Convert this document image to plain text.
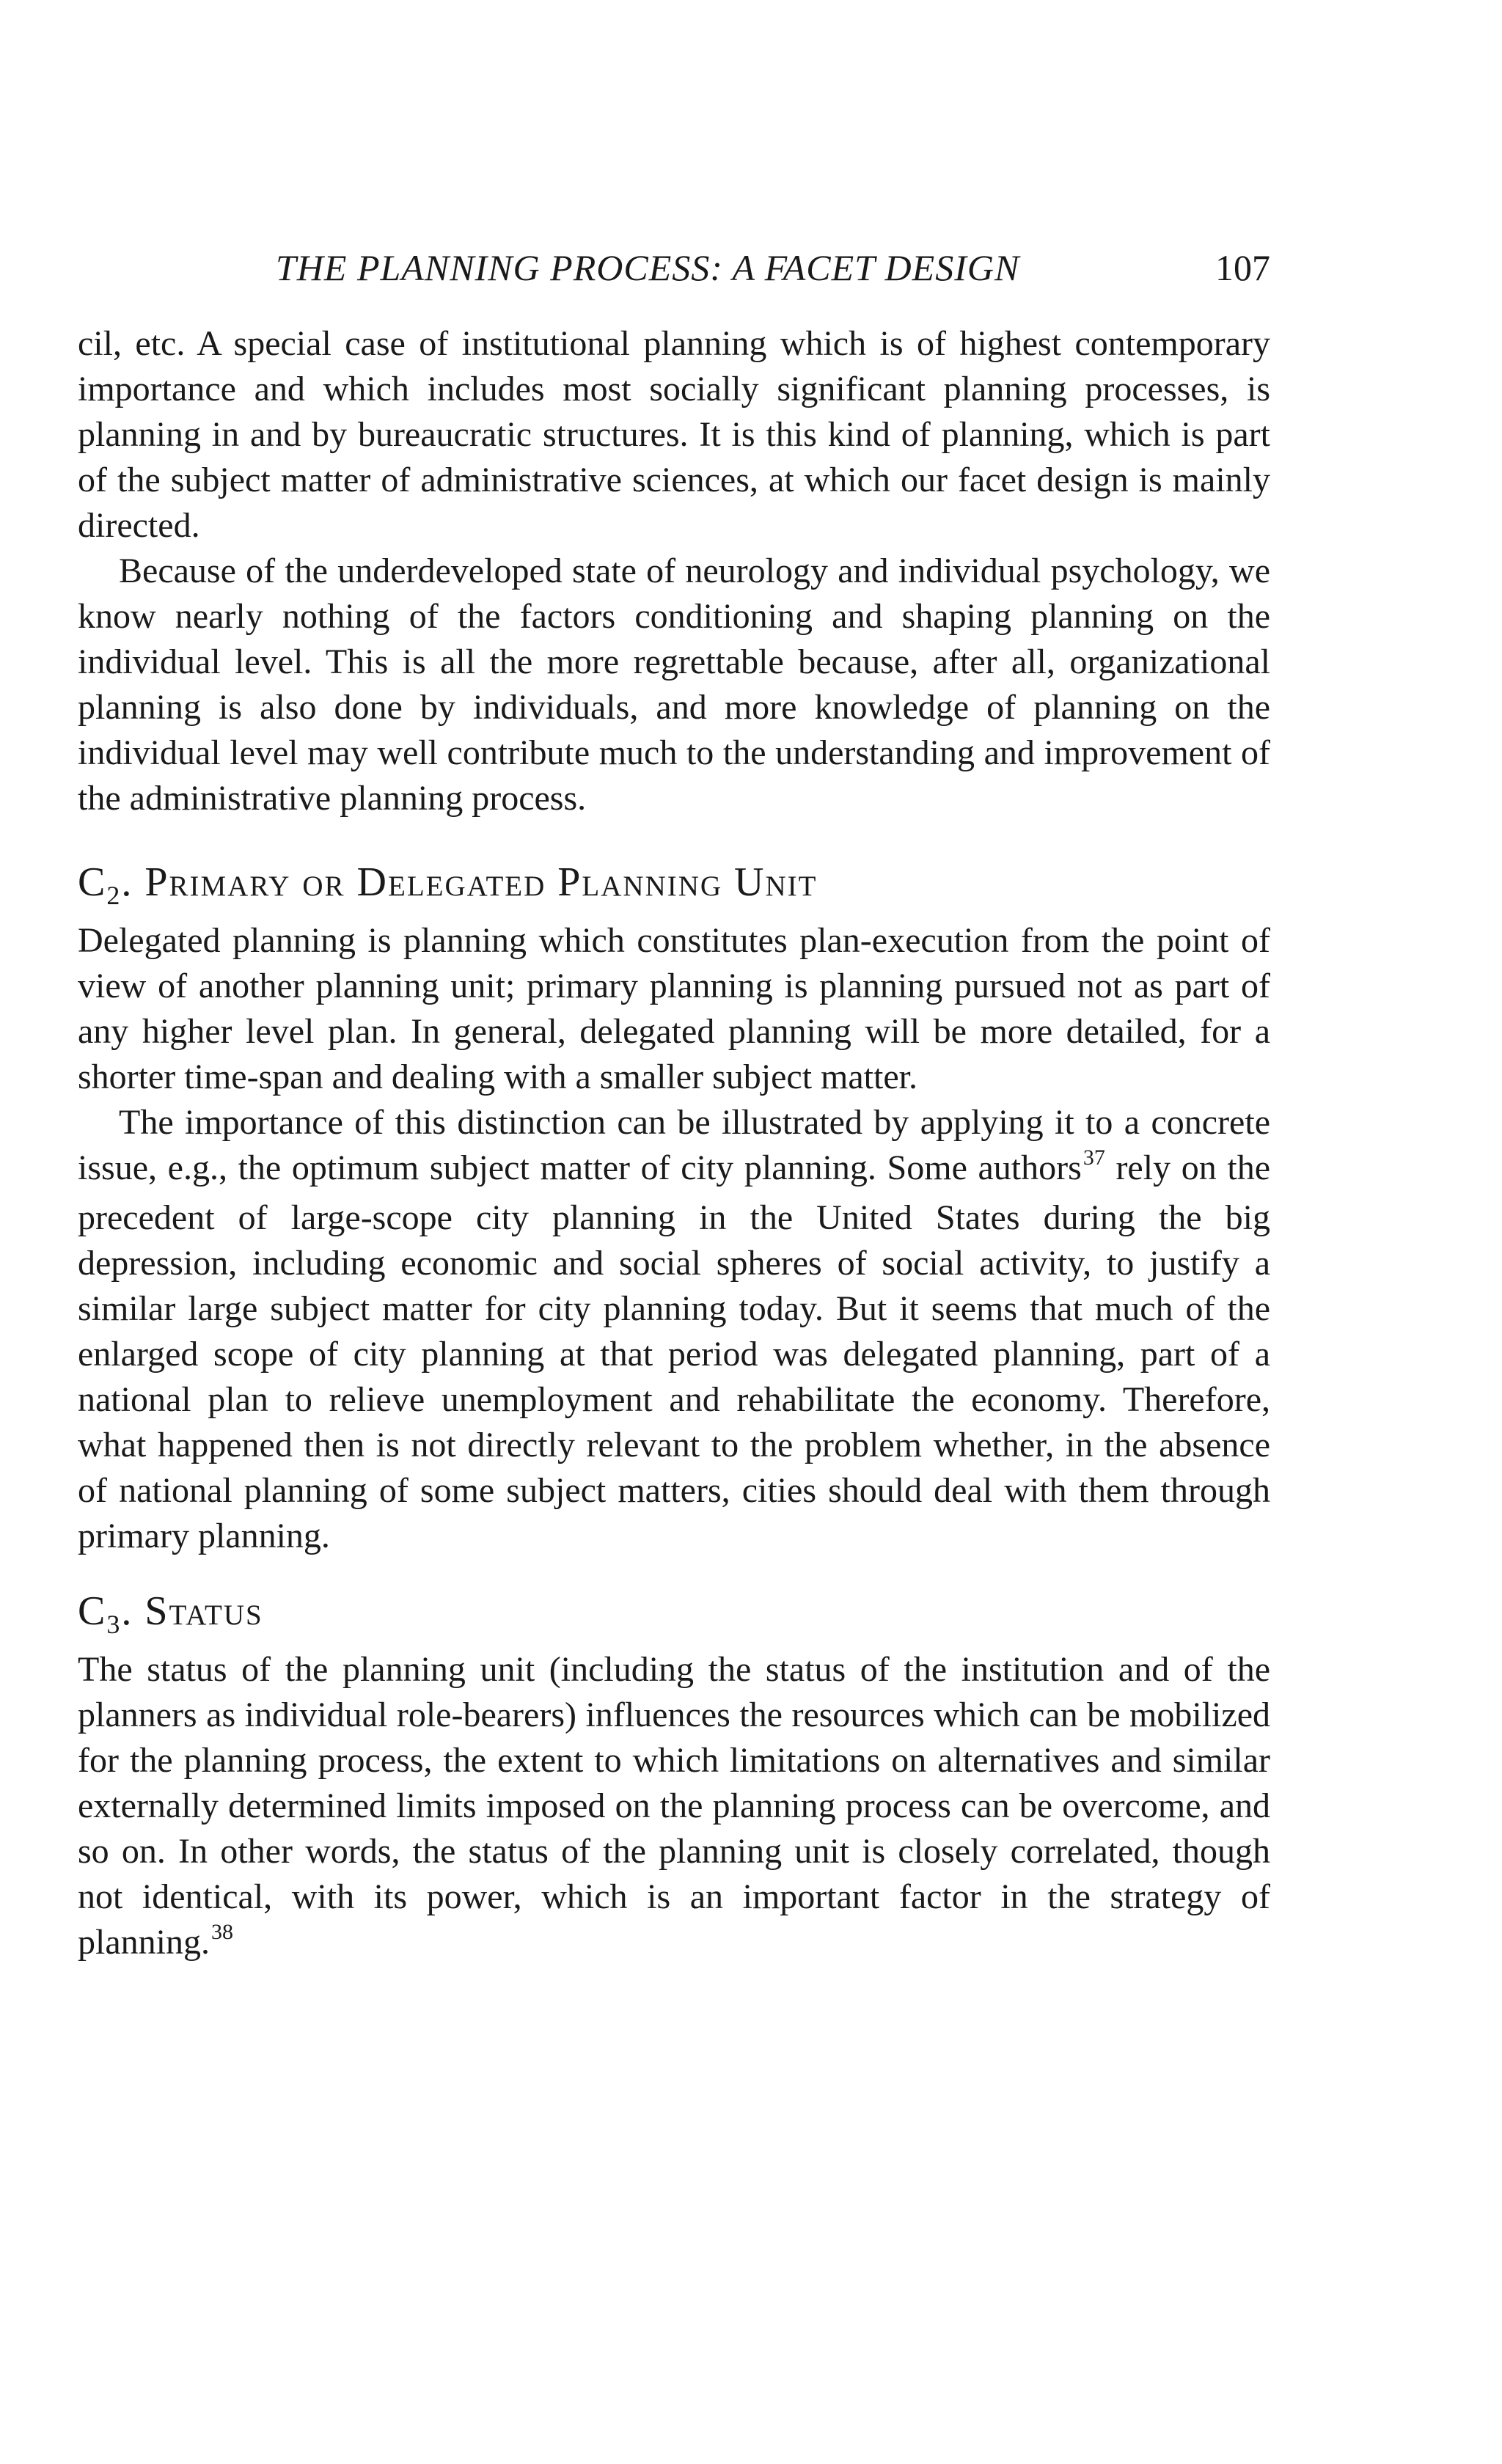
THE PLANNING PROCESS: A FACET DESIGN	107

cil, etc. A special case of institutional planning which is of highest contemporary importance and which includes most socially significant planning processes, is planning in and by bureaucratic structures. It is this kind of planning, which is part of the subject matter of administrative sciences, at which our facet design is mainly directed.

Because of the underdeveloped state of neurology and individual psychology, we know nearly nothing of the factors conditioning and shaping planning on the individual level. This is all the more regrettable because, after all, organizational planning is also done by individuals, and more knowledge of planning on the individual level may well contribute much to the understanding and improvement of the administrative planning process.

$C_2$. Primary or Delegated Planning Unit

Delegated planning is planning which constitutes plan-execution from the point of view of another planning unit; primary planning is planning pursued not as part of any higher level plan. In general, delegated planning will be more detailed, for a shorter time-span and dealing with a smaller subject matter.

The importance of this distinction can be illustrated by applying it to a concrete issue, e.g., the optimum subject matter of city planning. Some authors$^{37}$ rely on the precedent of large-scope city planning in the United States during the big depression, including economic and social spheres of social activity, to justify a similar large subject matter for city planning today. But it seems that much of the enlarged scope of city planning at that period was delegated planning, part of a national plan to relieve unemployment and rehabilitate the economy. Therefore, what happened then is not directly relevant to the problem whether, in the absence of national planning of some subject matters, cities should deal with them through primary planning.

$C_3$. Status

The status of the planning unit (including the status of the institution and of the planners as individual role-bearers) influences the resources which can be mobilized for the planning process, the extent to which limitations on alternatives and similar externally determined limits imposed on the planning process can be overcome, and so on. In other words, the status of the planning unit is closely correlated, though not identical, with its power, which is an important factor in the strategy of planning.$^{38}$
